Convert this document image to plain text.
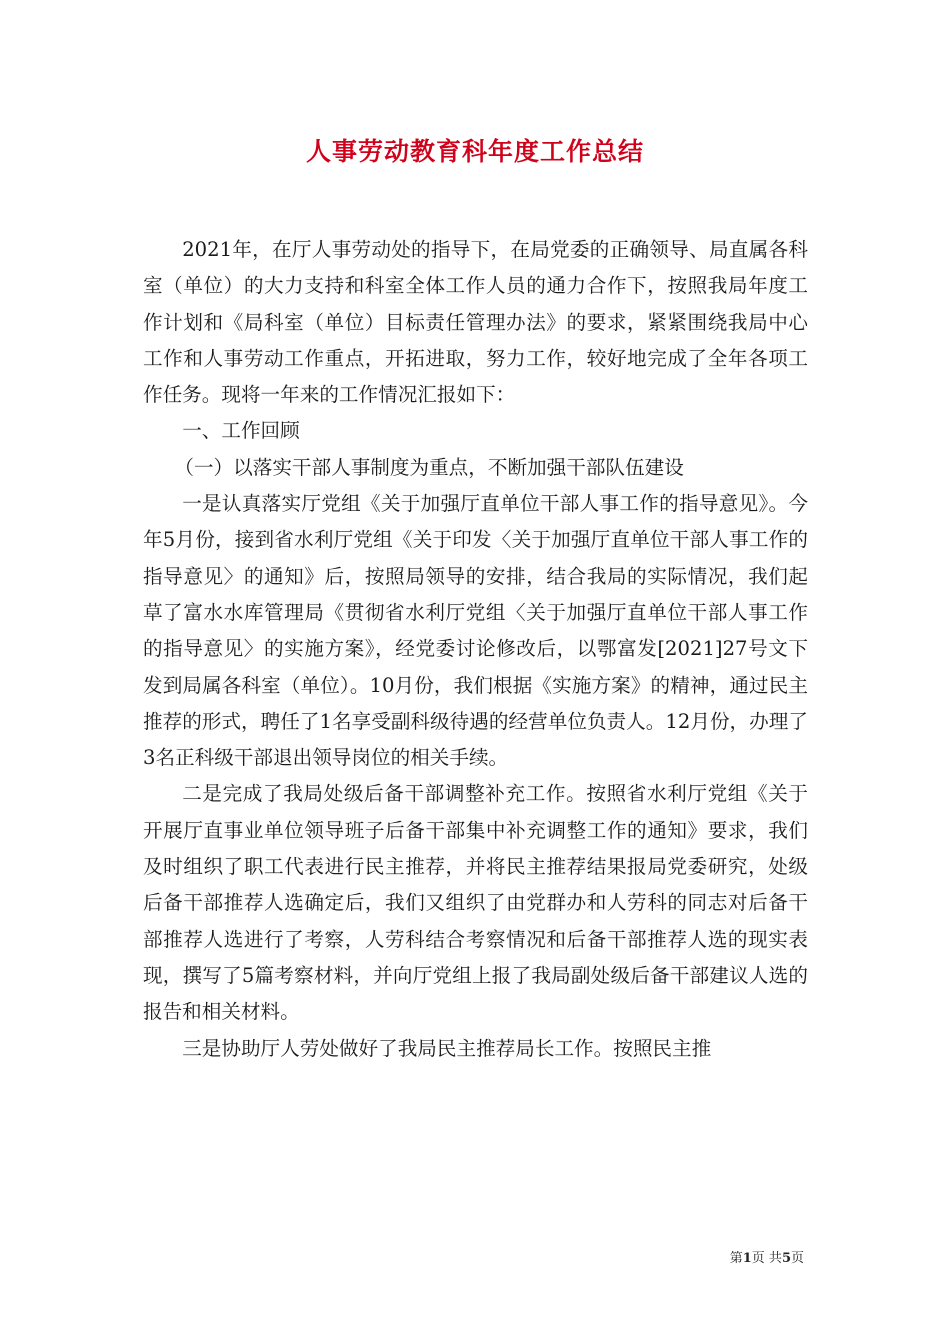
人事劳动教育科年度工作总结

2021年，在厅人事劳动处的指导下，在局党委的正确领导、局直属各科室（单位）的大力支持和科室全体工作人员的通力合作下，按照我局年度工作计划和《局科室（单位）目标责任管理办法》的要求，紧紧围绕我局中心工作和人事劳动工作重点，开拓进取，努力工作，较好地完成了全年各项工作任务。现将一年来的工作情况汇报如下：

一、工作回顾

（一）以落实干部人事制度为重点，不断加强干部队伍建设

一是认真落实厅党组《关于加强厅直单位干部人事工作的指导意见》。今年5月份，接到省水利厅党组《关于印发〈关于加强厅直单位干部人事工作的指导意见〉的通知》后，按照局领导的安排，结合我局的实际情况，我们起草了富水水库管理局《贯彻省水利厅党组〈关于加强厅直单位干部人事工作的指导意见〉的实施方案》，经党委讨论修改后，以鄂富发[2021]27号文下发到局属各科室（单位）。10月份，我们根据《实施方案》的精神，通过民主推荐的形式，聘任了1名享受副科级待遇的经营单位负责人。12月份，办理了3名正科级干部退出领导岗位的相关手续。

二是完成了我局处级后备干部调整补充工作。按照省水利厅党组《关于开展厅直事业单位领导班子后备干部集中补充调整工作的通知》要求，我们及时组织了职工代表进行民主推荐，并将民主推荐结果报局党委研究，处级后备干部推荐人选确定后，我们又组织了由党群办和人劳科的同志对后备干部推荐人选进行了考察，人劳科结合考察情况和后备干部推荐人选的现实表现，撰写了5篇考察材料，并向厅党组上报了我局副处级后备干部建议人选的报告和相关材料。

三是协助厅人劳处做好了我局民主推荐局长工作。按照民主推

第1页 共5页
